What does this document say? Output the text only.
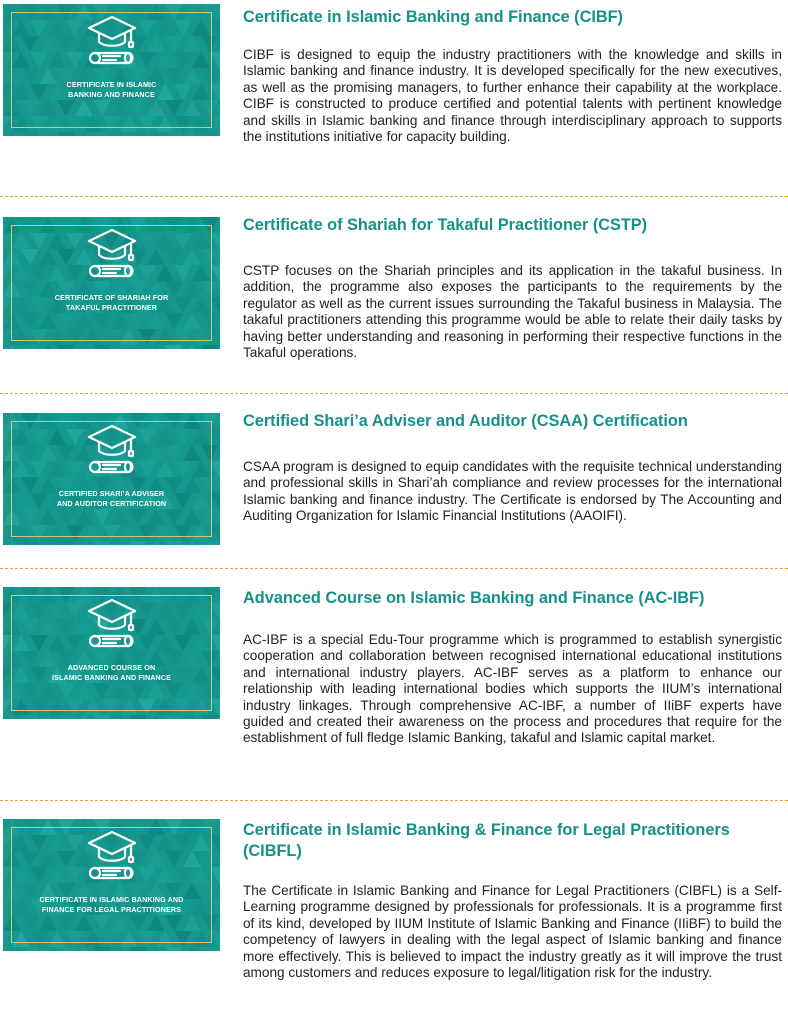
CERTIFICATE IN ISLAMIC
BANKING AND FINANCE
Certificate in Islamic Banking and Finance (CIBF)

CIBF is designed to equip the industry practitioners with the knowledge and skills in Islamic banking and finance industry. It is developed specifically for the new executives, as well as the promising managers, to further enhance their capability at the workplace. CIBF is constructed to produce certified and potential talents with pertinent knowledge and skills in Islamic banking and finance through interdisciplinary approach to supports the institutions initiative for capacity building.

CERTIFICATE OF SHARIAH FOR
TAKAFUL PRACTITIONER
Certificate of Shariah for Takaful Practitioner (CSTP)

CSTP focuses on the Shariah principles and its application in the takaful business. In addition, the programme also exposes the participants to the requirements by the regulator as well as the current issues surrounding the Takaful business in Malaysia. The takaful practitioners attending this programme would be able to relate their daily tasks by having better understanding and reasoning in performing their respective functions in the Takaful operations.

CERTIFIED SHARI’A ADVISER
AND AUDITOR CERTIFICATION
Certified Shari’a Adviser and Auditor (CSAA) Certification

CSAA program is designed to equip candidates with the requisite technical understanding and professional skills in Shari’ah compliance and review processes for the international Islamic banking and finance industry. The Certificate is endorsed by The Accounting and Auditing Organization for Islamic Financial Institutions (AAOIFI).

ADVANCED COURSE ON
ISLAMIC BANKING AND FINANCE
Advanced Course on Islamic Banking and Finance (AC-IBF)

AC-IBF is a special Edu-Tour programme which is programmed to establish synergistic cooperation and collaboration between recognised international educational institutions and international industry players. AC-IBF serves as a platform to enhance our relationship with leading international bodies which supports the IIUM’s international industry linkages. Through comprehensive AC-IBF, a number of IIiBF experts have guided and created their awareness on the process and procedures that require for the establishment of full fledge Islamic Banking, takaful and Islamic capital market.

CERTIFICATE IN ISLAMIC BANKING AND
FINANCE FOR LEGAL PRACTITIONERS
Certificate in Islamic Banking & Finance for Legal Practitioners (CIBFL)

The Certificate in Islamic Banking and Finance for Legal Practitioners (CIBFL) is a Self-Learning programme designed by professionals for professionals. It is a programme first of its kind, developed by IIUM Institute of Islamic Banking and Finance (IIiBF) to build the competency of lawyers in dealing with the legal aspect of Islamic banking and finance more effectively. This is believed to impact the industry greatly as it will improve the trust among customers and reduces exposure to legal/litigation risk for the industry.
